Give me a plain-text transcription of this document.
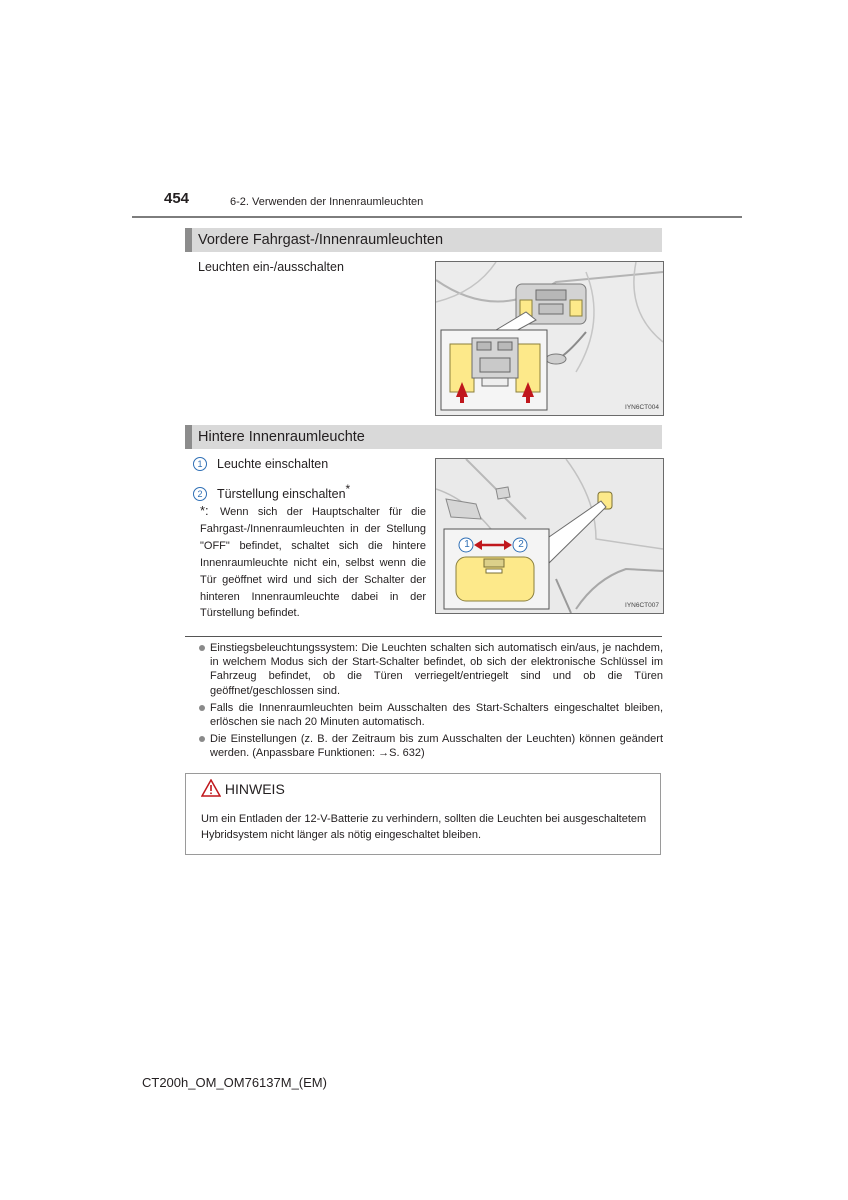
454	6-2. Verwenden der Innenraumleuchten
Vordere Fahrgast-/Innenraumleuchten
Leuchten ein-/ausschalten
IYN6CT004
Hintere Innenraumleuchte
1 Leuchte einschalten
2 Türstellung einschalten*
*: Wenn sich der Hauptschalter für die Fahrgast-/Innenraumleuchten in der Stellung "OFF" befindet, schaltet sich die hintere Innenraumleuchte nicht ein, selbst wenn die Tür geöffnet wird und sich der Schalter der hinteren Innenraumleuchte dabei in der Türstellung befindet.
1	2
IYN6CT007
Einstiegsbeleuchtungssystem: Die Leuchten schalten sich automatisch ein/aus, je nachdem, in welchem Modus sich der Start-Schalter befindet, ob sich der elektronische Schlüssel im Fahrzeug befindet, ob die Türen verriegelt/entriegelt sind und ob die Türen geöffnet/geschlossen sind.
Falls die Innenraumleuchten beim Ausschalten des Start-Schalters eingeschaltet bleiben, erlöschen sie nach 20 Minuten automatisch.
Die Einstellungen (z. B. der Zeitraum bis zum Ausschalten der Leuchten) können geändert werden. (Anpassbare Funktionen: →S. 632)
HINWEIS
Um ein Entladen der 12-V-Batterie zu verhindern, sollten die Leuchten bei ausgeschaltetem Hybridsystem nicht länger als nötig eingeschaltet bleiben.
CT200h_OM_OM76137M_(EM)
